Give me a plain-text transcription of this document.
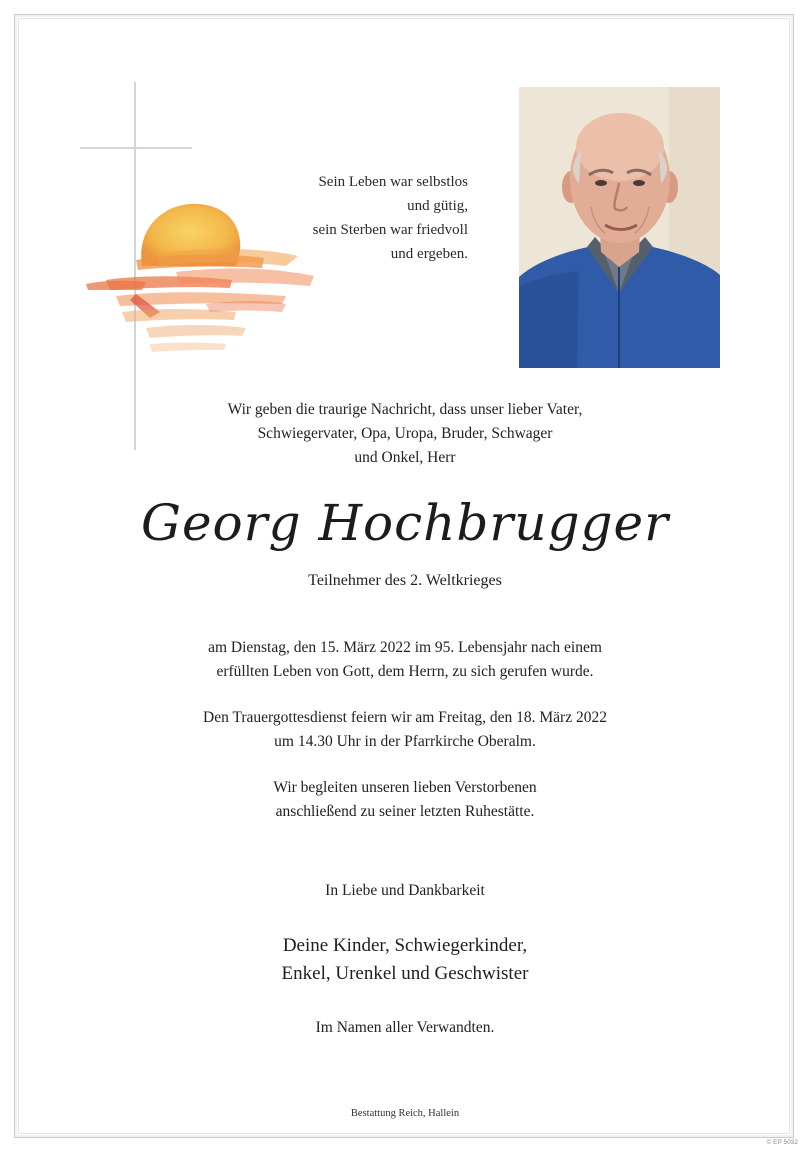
Sein Leben war selbstlos
und gütig,
sein Sterben war friedvoll
und ergeben.
Wir geben die traurige Nachricht, dass unser lieber Vater,
Schwiegervater, Opa, Uropa, Bruder, Schwager
und Onkel, Herr
Georg Hochbrugger
Teilnehmer des 2. Weltkrieges
am Dienstag, den 15. März 2022 im 95. Lebensjahr nach einem
erfüllten Leben von Gott, dem Herrn, zu sich gerufen wurde.
Den Trauergottesdienst feiern wir am Freitag, den 18. März 2022
um 14.30 Uhr in der Pfarrkirche Oberalm.
Wir begleiten unseren lieben Verstorbenen
anschließend zu seiner letzten Ruhestätte.
In Liebe und Dankbarkeit
Deine Kinder, Schwiegerkinder,
Enkel, Urenkel und Geschwister
Im Namen aller Verwandten.
Bestattung Reich, Hallein
© EP 5032
